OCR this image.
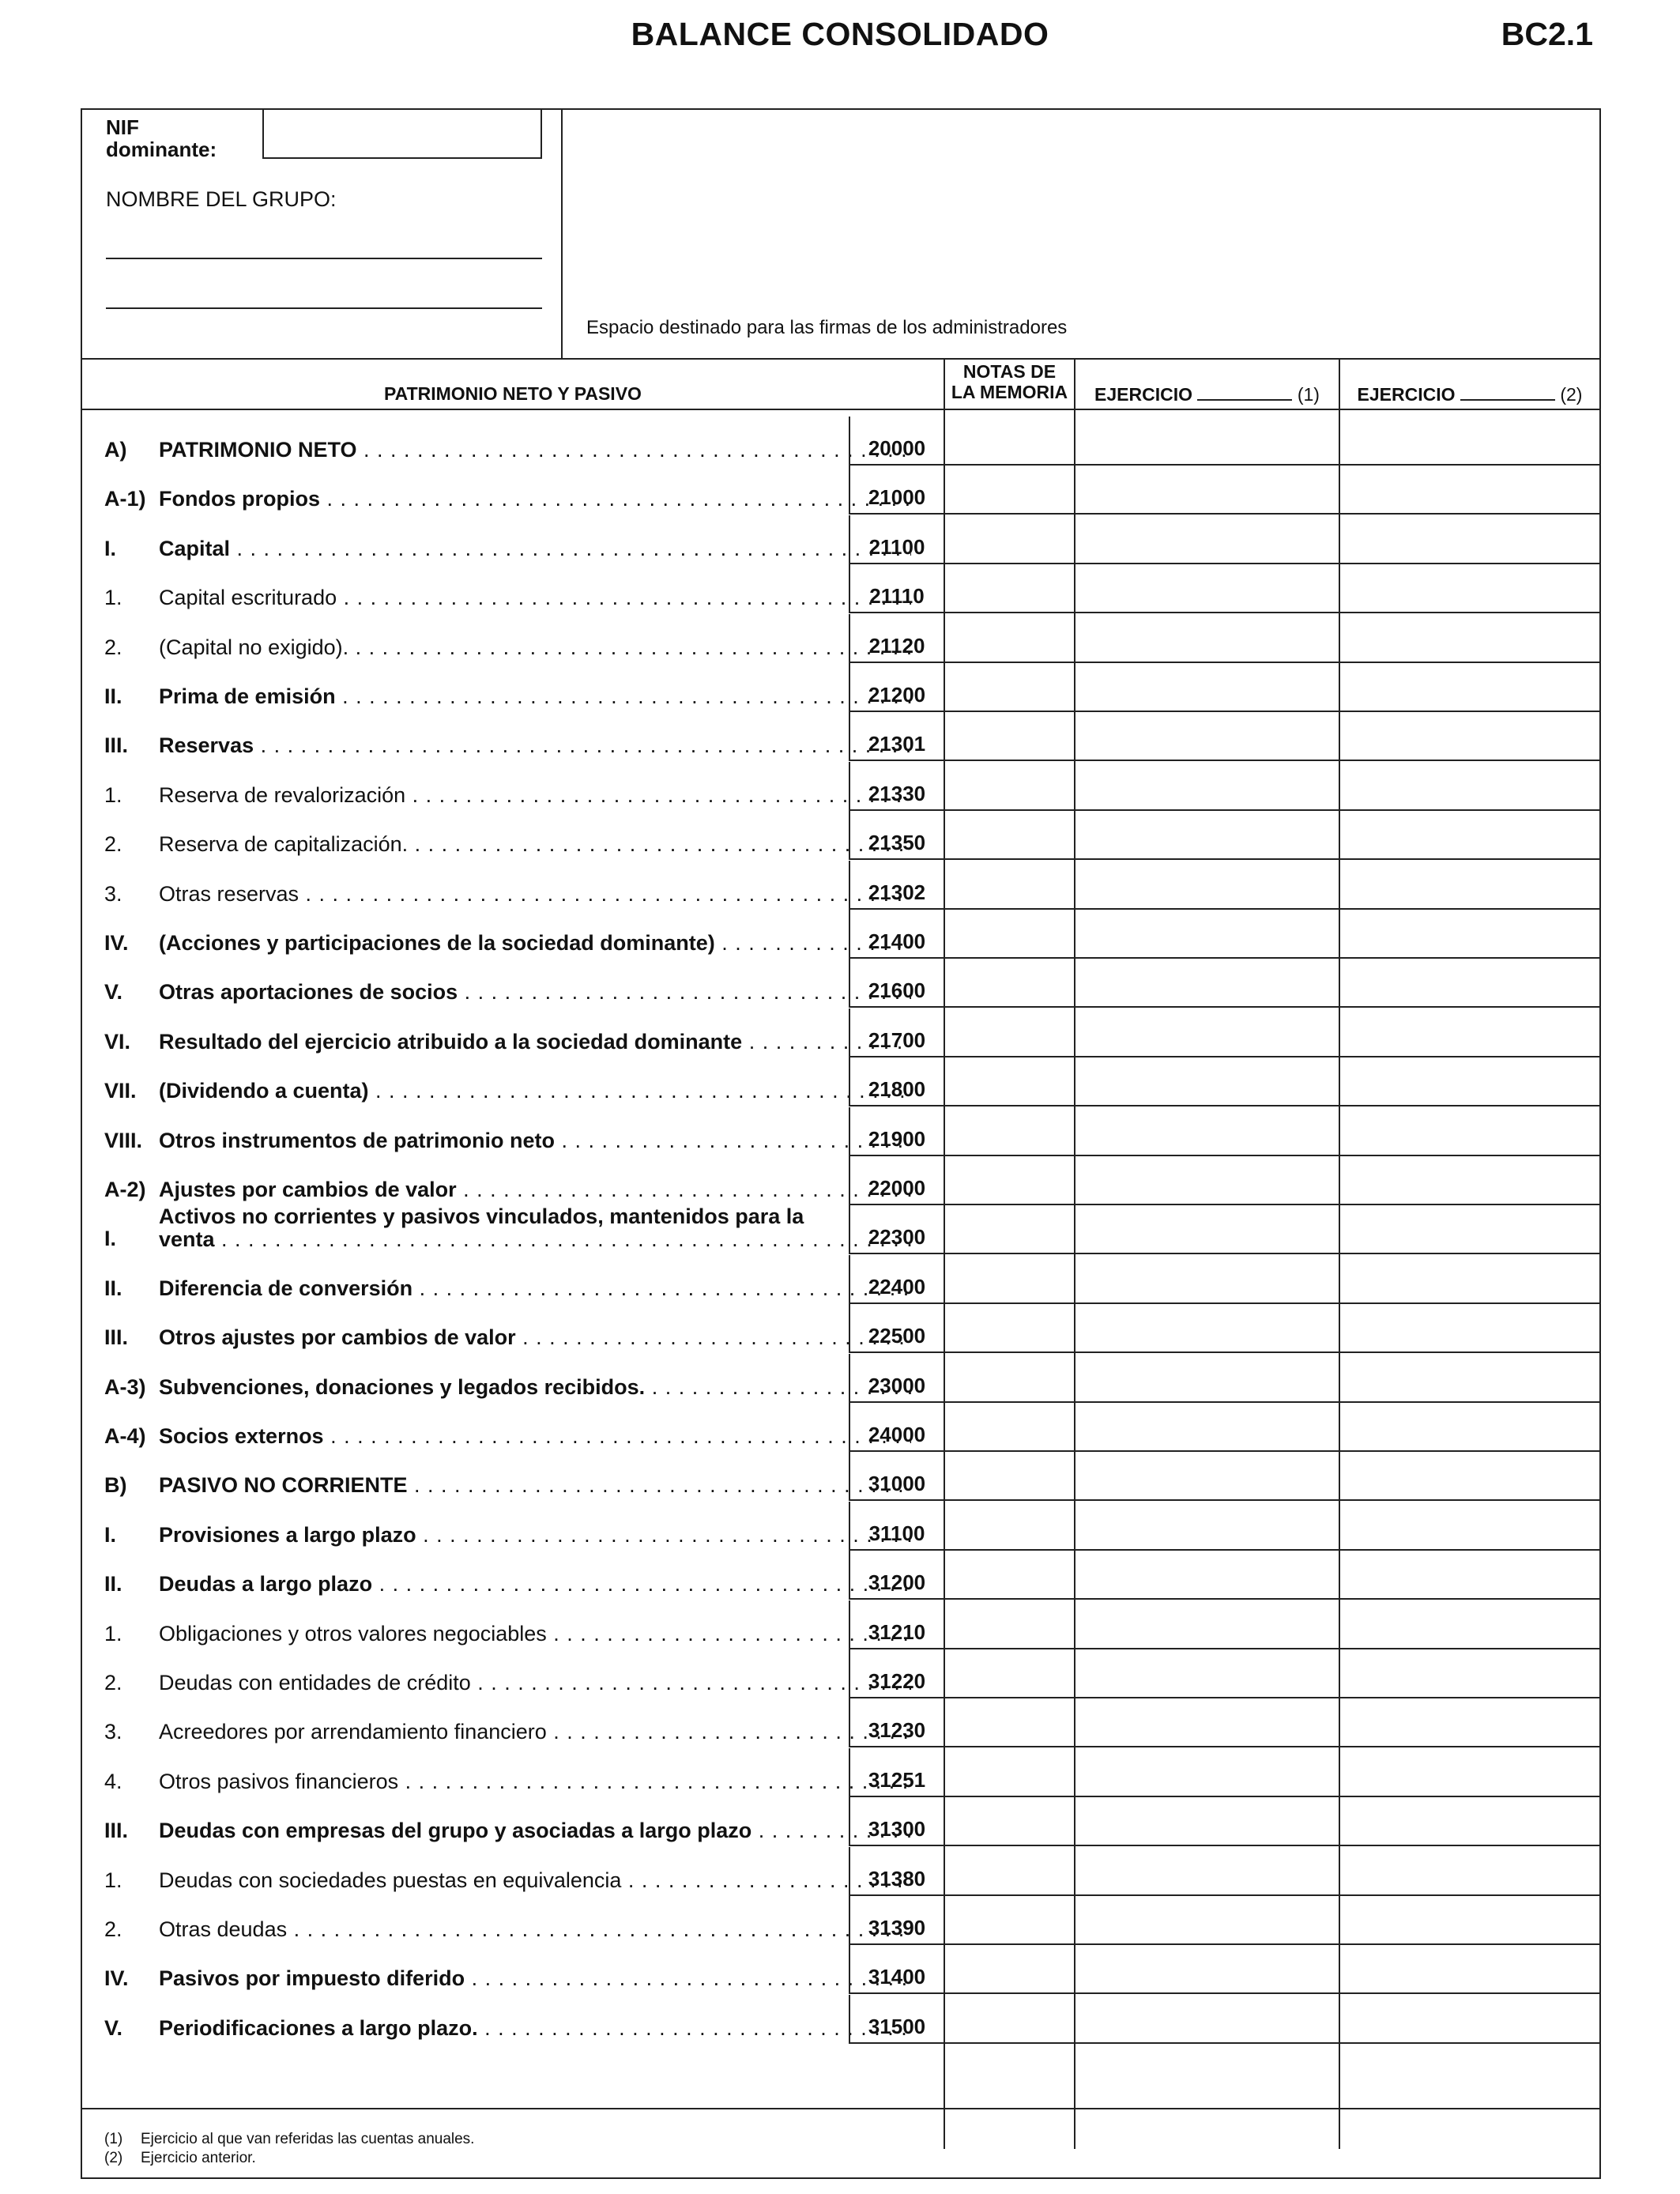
BALANCE CONSOLIDADO	BC2.1
NIF
dominante:
NOMBRE DEL GRUPO:
Espacio destinado para las firmas de los administradores
PATRIMONIO NETO Y PASIVO
NOTAS DE
LA MEMORIA	EJERCICIO	(1)	EJERCICIO	(2)
A) PATRIMONIO NETO . . .	20000
A-1) Fondos propios . . .	21000
I. Capital . . .	21100
1. Capital escriturado . . .	21110
2. (Capital no exigido). . . .	21120
II. Prima de emisión . . .	21200
III. Reservas . . .	21301
1. Reserva de revalorización . . .	21330
2. Reserva de capitalización. . . .	21350
3. Otras reservas . . .	21302
IV. (Acciones y participaciones de la sociedad dominante) . . .	21400
V. Otras aportaciones de socios . . .	21600
VI. Resultado del ejercicio atribuido a la sociedad dominante . . .	21700
VII. (Dividendo a cuenta) . . .	21800
VIII. Otros instrumentos de patrimonio neto . . .	21900
A-2) Ajustes por cambios de valor . . .	22000
I.
Activos no corrientes y pasivos vinculados, mantenidos para la
venta . . .	22300
II. Diferencia de conversión . . .	22400
III. Otros ajustes por cambios de valor . . .	22500
A-3) Subvenciones, donaciones y legados recibidos. . . .	23000
A-4) Socios externos . . .	24000
B) PASIVO NO CORRIENTE . . .	31000
I. Provisiones a largo plazo . . .	31100
II. Deudas a largo plazo . . .	31200
1. Obligaciones y otros valores negociables . . .	31210
2. Deudas con entidades de crédito . . .	31220
3. Acreedores por arrendamiento financiero . . .	31230
4. Otros pasivos financieros . . .	31251
III. Deudas con empresas del grupo y asociadas a largo plazo . . .	31300
1. Deudas con sociedades puestas en equivalencia . . .	31380
2. Otras deudas . . .	31390
IV. Pasivos por impuesto diferido . . .	31400
V. Periodificaciones a largo plazo. . . .	31500
(1) Ejercicio al que van referidas las cuentas anuales.
(2) Ejercicio anterior.
